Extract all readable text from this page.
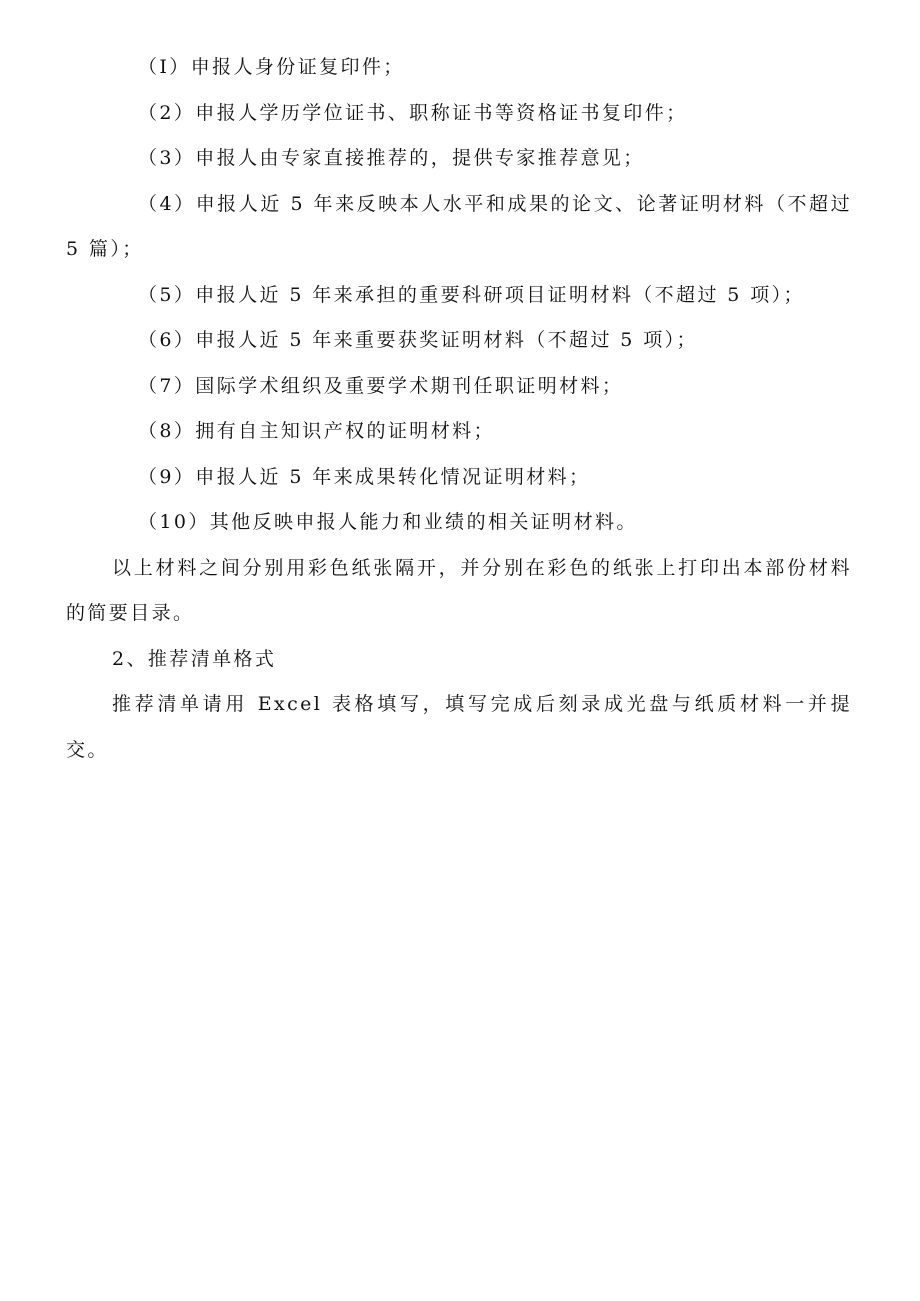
（I）申报人身份证复印件；

（2）申报人学历学位证书、职称证书等资格证书复印件；

（3）申报人由专家直接推荐的，提供专家推荐意见；

（4）申报人近 5 年来反映本人水平和成果的论文、论著证明材料（不超过 5 篇）；

（5）申报人近 5 年来承担的重要科研项目证明材料（不超过 5 项）；

（6）申报人近 5 年来重要获奖证明材料（不超过 5 项）；

（7）国际学术组织及重要学术期刊任职证明材料；

（8）拥有自主知识产权的证明材料；

（9）申报人近 5 年来成果转化情况证明材料；

（10）其他反映申报人能力和业绩的相关证明材料。

以上材料之间分别用彩色纸张隔开，并分别在彩色的纸张上打印出本部份材料的简要目录。

2、推荐清单格式

推荐清单请用 Excel 表格填写，填写完成后刻录成光盘与纸质材料一并提交。
